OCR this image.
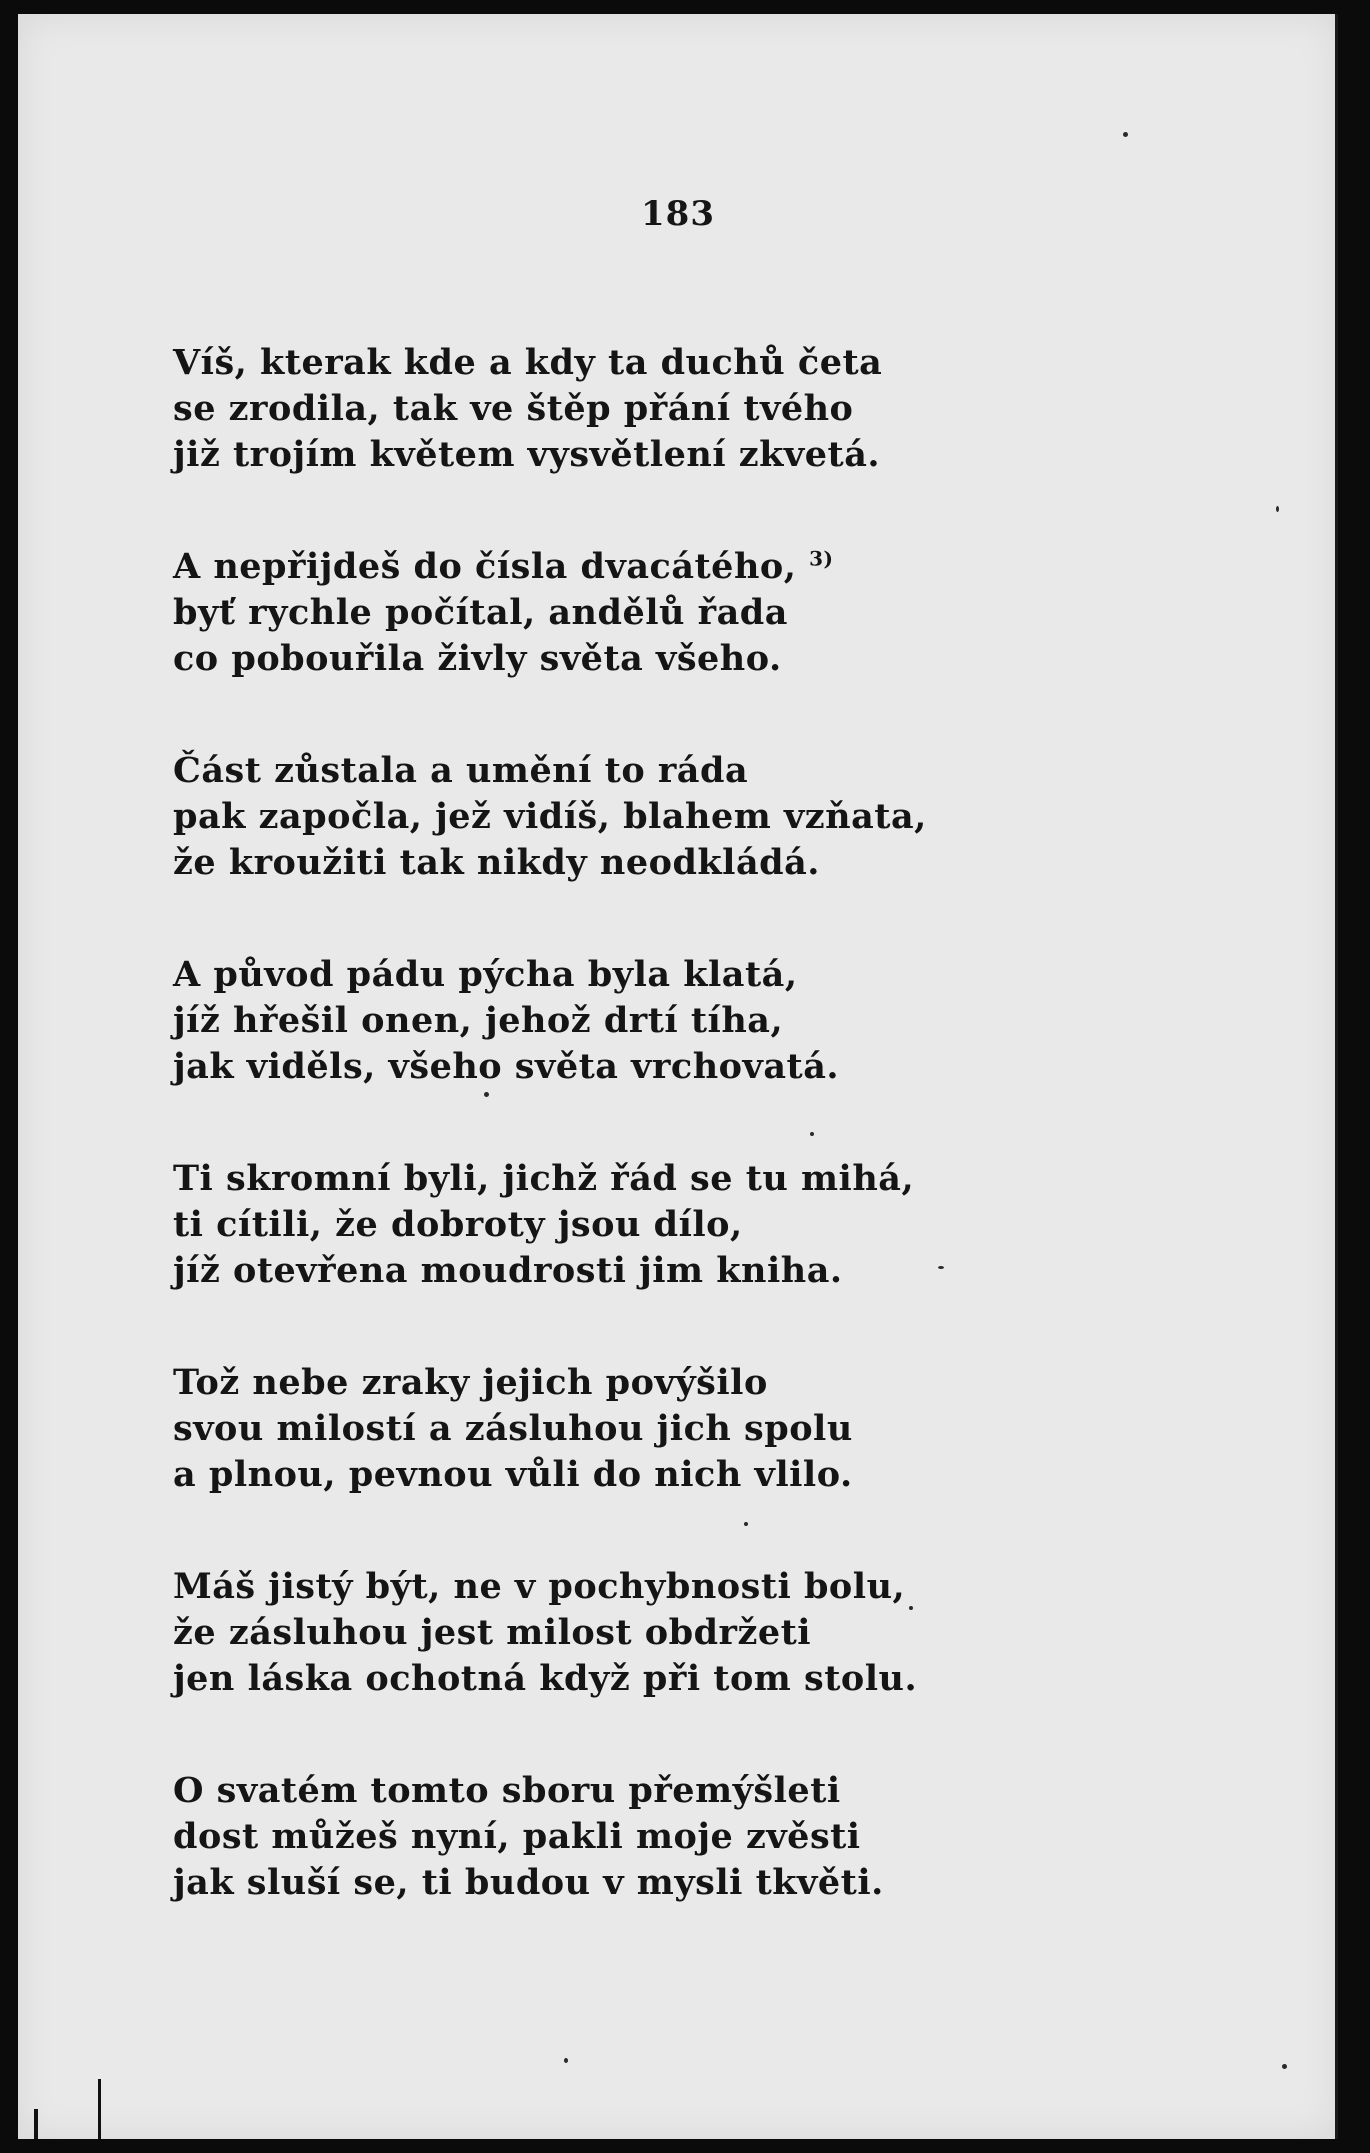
183
Víš, kterak kde a kdy ta duchů četa
se zrodila, tak ve štěp přání tvého
již trojím květem vysvětlení zkvetá.
A nepřijdeš do čísla dvacátého, $^{3)}$
byť rychle počítal, andělů řada
co pobouřila živly světa všeho.
Část zůstala a umění to ráda
pak započla, jež vidíš, blahem vzňata,
že kroužiti tak nikdy neodkládá.
A původ pádu pýcha byla klatá,
jíž hřešil onen, jehož drtí tíha,
jak viděls, všeho světa vrchovatá.
Ti skromní byli, jichž řád se tu mihá,
ti cítili, že dobroty jsou dílo,
jíž otevřena moudrosti jim kniha.
Tož nebe zraky jejich povýšilo
svou milostí a zásluhou jich spolu
a plnou, pevnou vůli do nich vlilo.
Máš jistý být, ne v pochybnosti bolu,
že zásluhou jest milost obdržeti
jen láska ochotná když při tom stolu.
O svatém tomto sboru přemýšleti
dost můžeš nyní, pakli moje zvěsti
jak sluší se, ti budou v mysli tkvěti.
